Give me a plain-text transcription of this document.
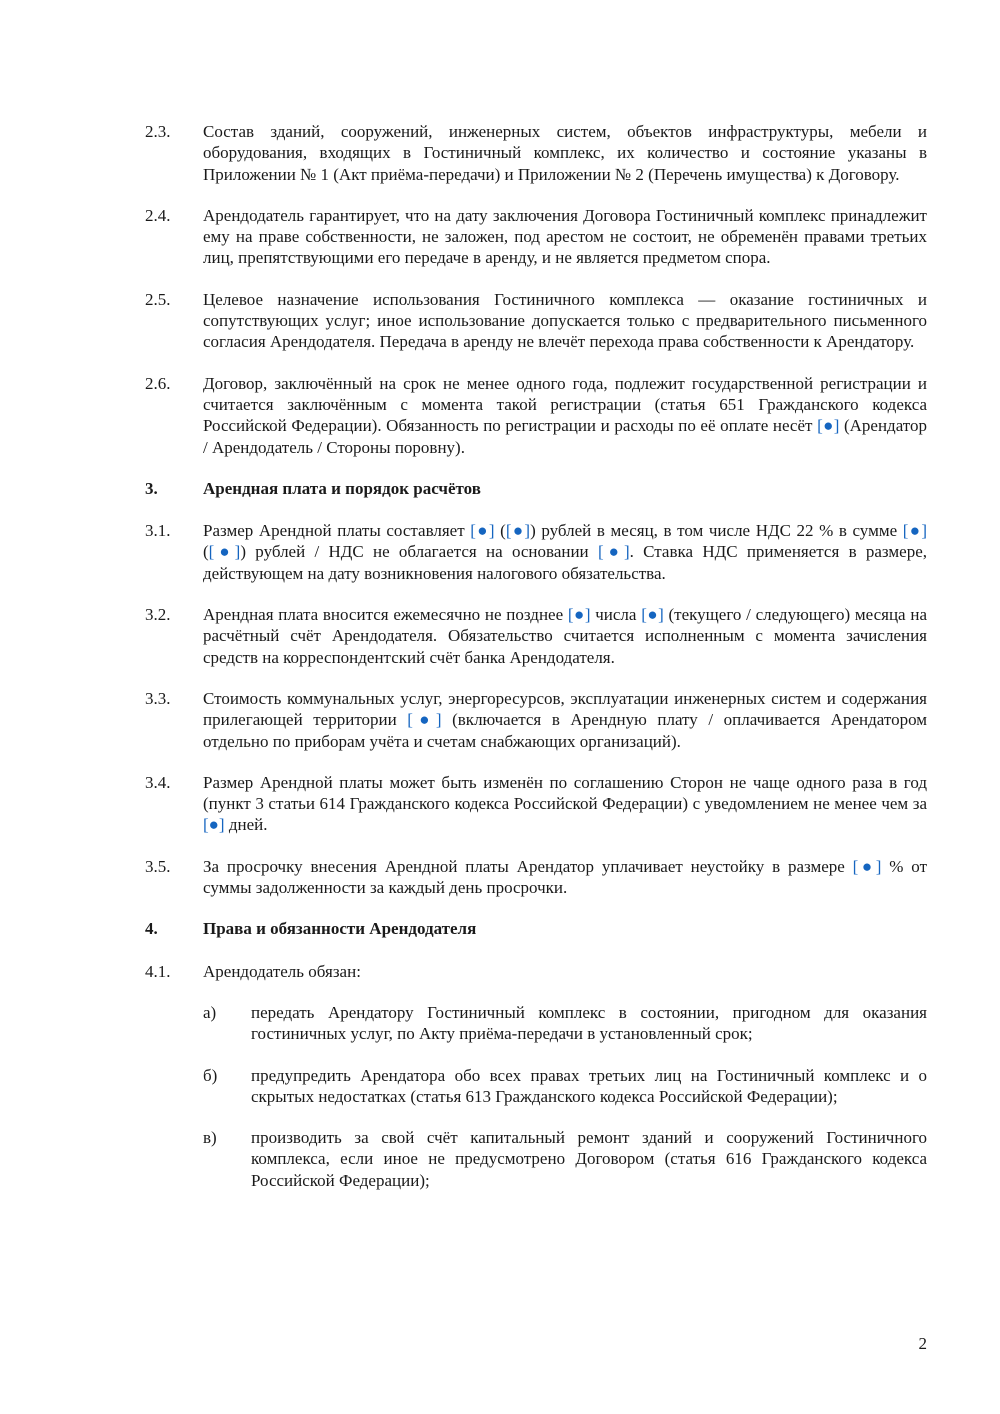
2.3.	Состав зданий, сооружений, инженерных систем, объектов инфраструктуры, мебели и оборудования, входящих в Гостиничный комплекс, их количество и состояние указаны в Приложении № 1 (Акт приёма-передачи) и Приложении № 2 (Перечень имущества) к Договору.
2.4.	Арендодатель гарантирует, что на дату заключения Договора Гостиничный комплекс принадлежит ему на праве собственности, не заложен, под арестом не состоит, не обременён правами третьих лиц, препятствующими его передаче в аренду, и не является предметом спора.
2.5.	Целевое назначение использования Гостиничного комплекса — оказание гостиничных и сопутствующих услуг; иное использование допускается только с предварительного письменного согласия Арендодателя. Передача в аренду не влечёт перехода права собственности к Арендатору.
2.6.	Договор, заключённый на срок не менее одного года, подлежит государственной регистрации и считается заключённым с момента такой регистрации (статья 651 Гражданского кодекса Российской Федерации). Обязанность по регистрации и расходы по её оплате несёт [●] (Арендатор / Арендодатель / Стороны поровну).
3.	Арендная плата и порядок расчётов
3.1.	Размер Арендной платы составляет [●] ([●]) рублей в месяц, в том числе НДС 22 % в сумме [●] ([●]) рублей / НДС не облагается на основании [●]. Ставка НДС применяется в размере, действующем на дату возникновения налогового обязательства.
3.2.	Арендная плата вносится ежемесячно не позднее [●] числа [●] (текущего / следующего) месяца на расчётный счёт Арендодателя. Обязательство считается исполненным с момента зачисления средств на корреспондентский счёт банка Арендодателя.
3.3.	Стоимость коммунальных услуг, энергоресурсов, эксплуатации инженерных систем и содержания прилегающей территории [●] (включается в Арендную плату / оплачивается Арендатором отдельно по приборам учёта и счетам снабжающих организаций).
3.4.	Размер Арендной платы может быть изменён по соглашению Сторон не чаще одного раза в год (пункт 3 статьи 614 Гражданского кодекса Российской Федерации) с уведомлением не менее чем за [●] дней.
3.5.	За просрочку внесения Арендной платы Арендатор уплачивает неустойку в размере [●] % от суммы задолженности за каждый день просрочки.
4.	Права и обязанности Арендодателя
4.1.	Арендодатель обязан:
а)	передать Арендатору Гостиничный комплекс в состоянии, пригодном для оказания гостиничных услуг, по Акту приёма-передачи в установленный срок;
б)	предупредить Арендатора обо всех правах третьих лиц на Гостиничный комплекс и о скрытых недостатках (статья 613 Гражданского кодекса Российской Федерации);
в)	производить за свой счёт капитальный ремонт зданий и сооружений Гостиничного комплекса, если иное не предусмотрено Договором (статья 616 Гражданского кодекса Российской Федерации);
2
